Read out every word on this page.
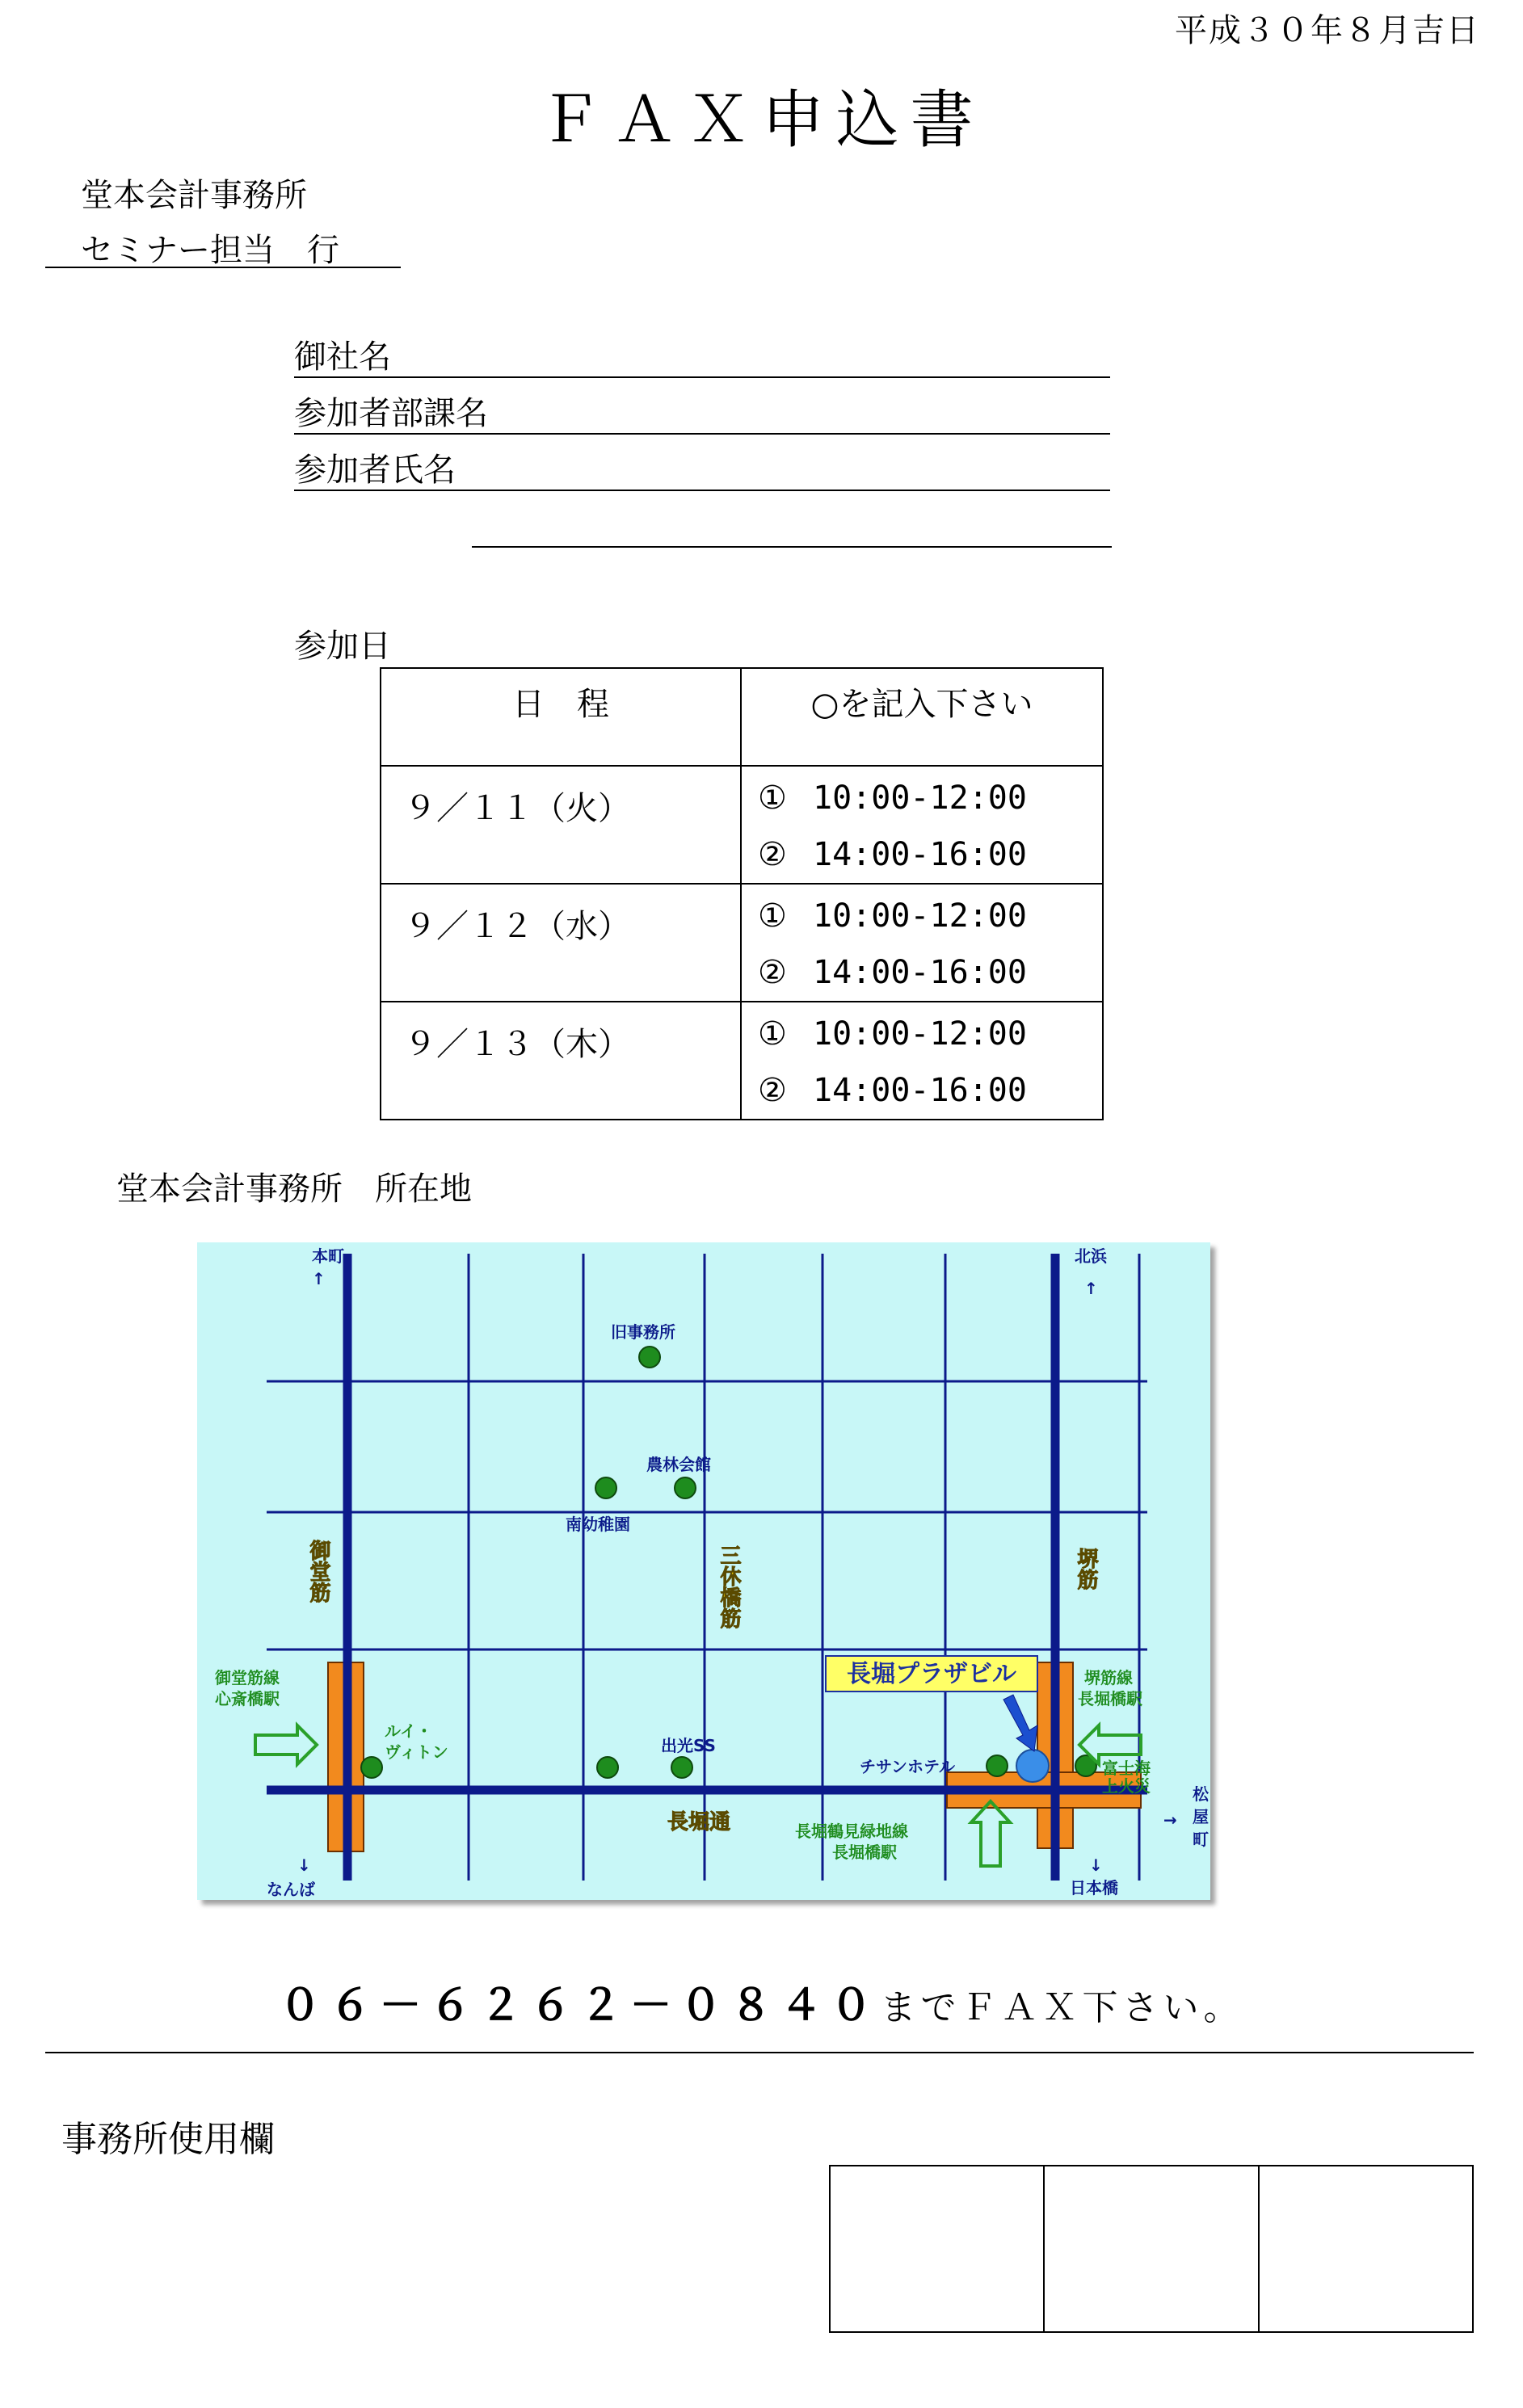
平成３０年８月吉日
ＦＡＸ申込書
堂本会計事務所
セミナー担当　行
御社名
参加者部課名
参加者氏名
参加日
日　程	○を記入下さい
９／１１（火）	① 10:00-12:00
② 14:00-16:00

９／１２（水）	① 10:00-12:00
② 14:00-16:00

９／１３（木）	① 10:00-12:00
② 14:00-16:00
堂本会計事務所　所在地
長堀プラザビル
御堂筋	三休橋筋	堺筋
長堀通
本町
↑
北浜
↑
旧事務所
農林会館
南幼稚園
出光SS
チサンホテル
↓
なんば
↓
日本橋
→
松
屋
町
御堂筋線
心斎橋駅
ルイ・
ヴィトン
堺筋線
長堀橋駅
富士海
上火災
長堀鶴見緑地線
長堀橋駅
０６－６２６２－０８４０までＦＡＸ下さい。
事務所使用欄
